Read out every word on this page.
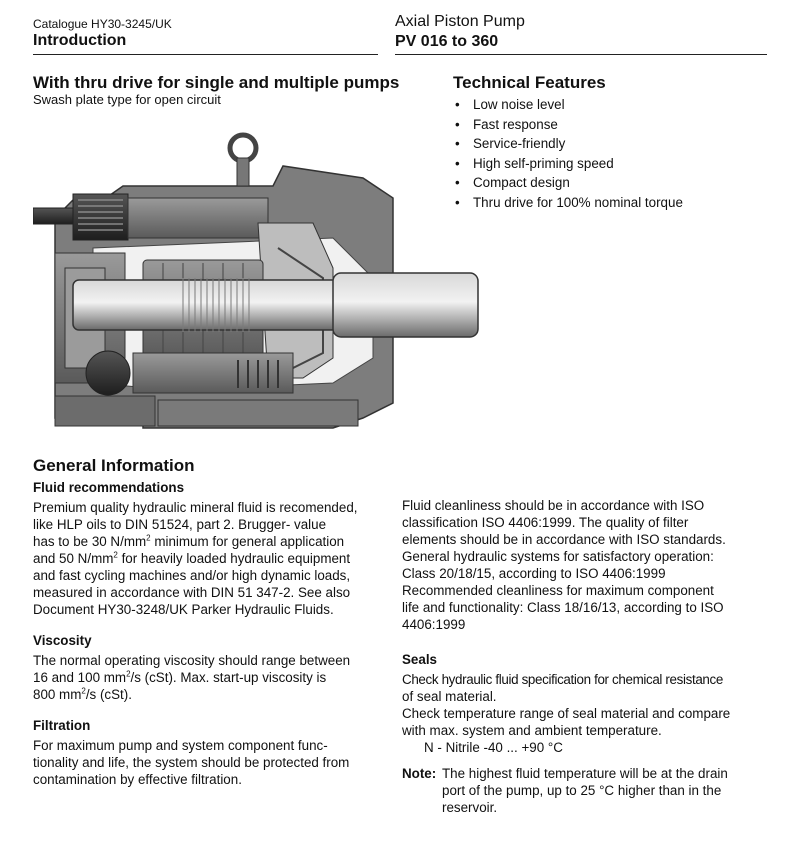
Catalogue HY30-3245/UK
Introduction
Axial Piston Pump
PV 016 to 360
With thru drive for single and multiple pumps
Swash plate type for open circuit
Technical Features
• Low noise level
• Fast response
• Service-friendly
• High self-priming speed
• Compact design
• Thru drive for 100% nominal torque
General Information
Fluid recommendations
Premium quality hydraulic mineral fluid is recomended,
like HLP oils to DIN 51524, part 2. Brugger- value
has to be 30 $N/mm^2$ minimum for general application
and 50 $N/mm^2$ for heavily loaded hydraulic equipment
and fast cycling machines and/or high dynamic loads,
measured in accordance with DIN 51 347-2. See also
Document HY30-3248/UK Parker Hydraulic Fluids.
Viscosity
The normal operating viscosity should range between
16 and 100 $mm^2/s$ (cSt). Max. start-up viscosity is
800 $mm^2/s$ (cSt).
Filtration
For maximum pump and system component func-
tionality and life, the system should be protected from
contamination by effective filtration.
Fluid cleanliness should be in accordance with ISO
classification ISO 4406:1999. The quality of filter
elements should be in accordance with ISO standards.
General hydraulic systems for satisfactory operation:
Class 20/18/15, according to ISO 4406:1999
Recommended cleanliness for maximum component
life and functionality: Class 18/16/13, according to ISO
4406:1999
Seals
Check hydraulic fluid specification for chemical resistance
of seal material.
Check temperature range of seal material and compare
with max. system and ambient temperature.
N - Nitrile -40 ... +90 °C
Note: The highest fluid temperature will be at the drain
port of the pump, up to 25 °C higher than in the
reservoir.
